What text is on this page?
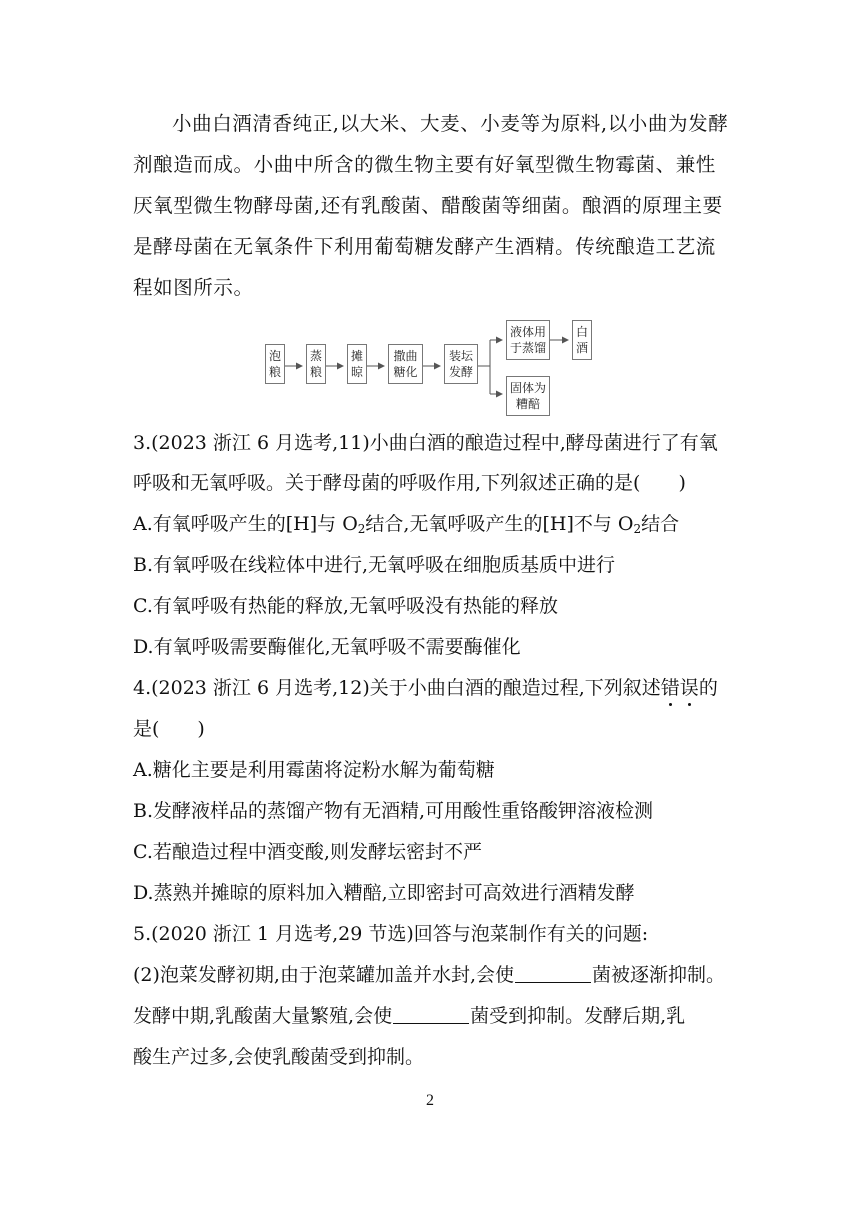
小曲白酒清香纯正,以大米、大麦、小麦等为原料,以小曲为发酵
剂酿造而成。小曲中所含的微生物主要有好氧型微生物霉菌、兼性
厌氧型微生物酵母菌,还有乳酸菌、醋酸菌等细菌。酿酒的原理主要
是酵母菌在无氧条件下利用葡萄糖发酵产生酒精。传统酿造工艺流
程如图所示。
泡
粮
蒸
粮
摊
晾
撒曲
糖化
装坛
发酵
液体用
于蒸馏
白
酒
固体为
糟醅
3.(2023 浙江 6 月选考,11)小曲白酒的酿造过程中,酵母菌进行了有氧
呼吸和无氧呼吸。关于酵母菌的呼吸作用,下列叙述正确的是( )
A.有氧呼吸产生的[H]与 $O_2$结合,无氧呼吸产生的[H]不与 $O_2$结合
B.有氧呼吸在线粒体中进行,无氧呼吸在细胞质基质中进行
C.有氧呼吸有热能的释放,无氧呼吸没有热能的释放
D.有氧呼吸需要酶催化,无氧呼吸不需要酶催化
4.(2023 浙江 6 月选考,12)关于小曲白酒的酿造过程,下列叙述错误的
是( )
A.糖化主要是利用霉菌将淀粉水解为葡萄糖
B.发酵液样品的蒸馏产物有无酒精,可用酸性重铬酸钾溶液检测
C.若酿造过程中酒变酸,则发酵坛密封不严
D.蒸熟并摊晾的原料加入糟醅,立即密封可高效进行酒精发酵
5.(2020 浙江 1 月选考,29 节选)回答与泡菜制作有关的问题:
(2)泡菜发酵初期,由于泡菜罐加盖并水封,会使	菌被逐渐抑制。
发酵中期,乳酸菌大量繁殖,会使	菌受到抑制。发酵后期,乳
酸生产过多,会使乳酸菌受到抑制。
2
